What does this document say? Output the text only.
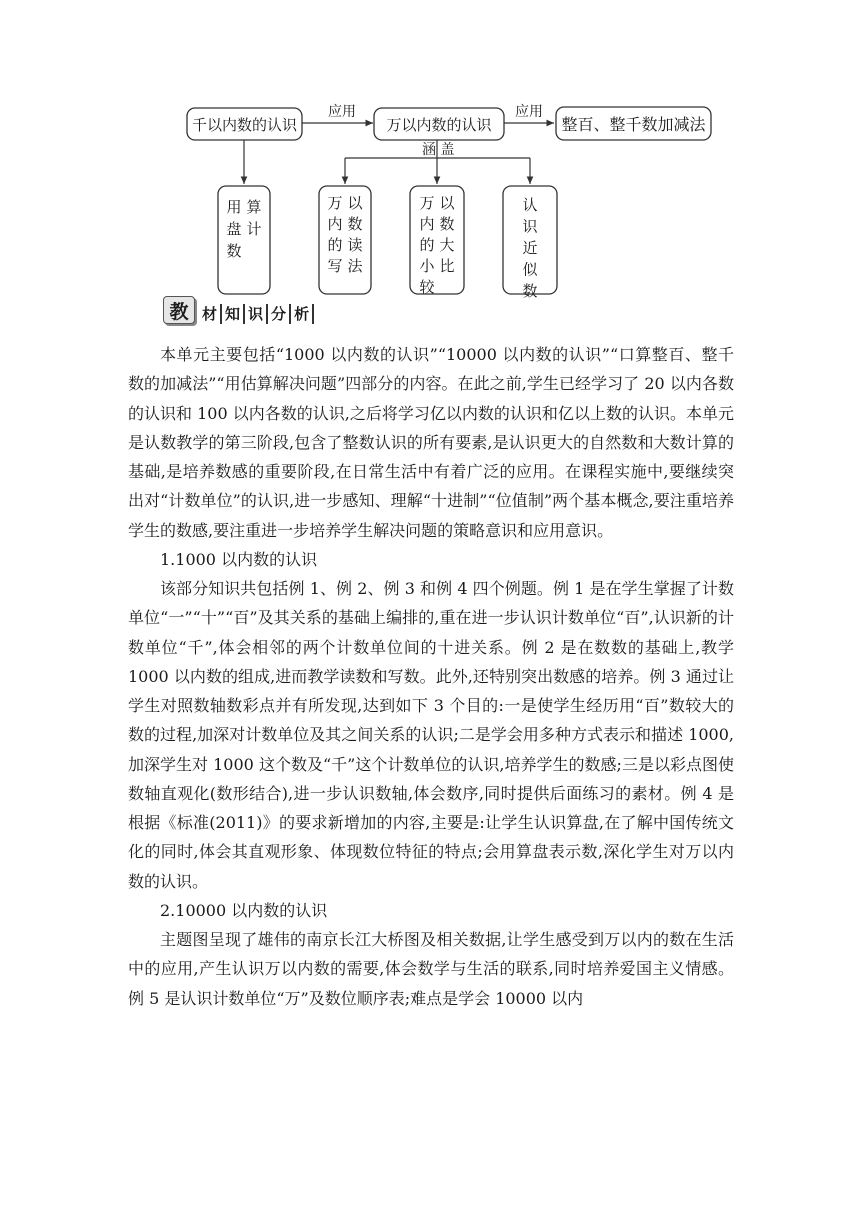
应用	应用
涵 盖
千以内数的认识	万以内数的认识	整百、整千数加减法
用 算盘 计数
万 以内 数的 读写 法
万 以内 数的 大小 比较
认识近似数
教 材 知 识 分 析

本单元主要包括“1000 以内数的认识”“10000 以内数的认识”“口算整百、整千数的加减法”“用估算解决问题”四部分的内容。在此之前,学生已经学习了 20 以内各数的认识和 100 以内各数的认识,之后将学习亿以内数的认识和亿以上数的认识。本单元是认数教学的第三阶段,包含了整数认识的所有要素,是认识更大的自然数和大数计算的基础,是培养数感的重要阶段,在日常生活中有着广泛的应用。在课程实施中,要继续突出对“计数单位”的认识,进一步感知、理解“十进制”“位值制”两个基本概念,要注重培养学生的数感,要注重进一步培养学生解决问题的策略意识和应用意识。

1.1000 以内数的认识

该部分知识共包括例 1、例 2、例 3 和例 4 四个例题。例 1 是在学生掌握了计数单位“一”“十”“百”及其关系的基础上编排的,重在进一步认识计数单位“百”,认识新的计数单位“千”,体会相邻的两个计数单位间的十进关系。例 2 是在数数的基础上,教学 1000 以内数的组成,进而教学读数和写数。此外,还特别突出数感的培养。例 3 通过让学生对照数轴数彩点并有所发现,达到如下 3 个目的:一是使学生经历用“百”数较大的数的过程,加深对计数单位及其之间关系的认识;二是学会用多种方式表示和描述 1000,加深学生对 1000 这个数及“千”这个计数单位的认识,培养学生的数感;三是以彩点图使数轴直观化(数形结合),进一步认识数轴,体会数序,同时提供后面练习的素材。例 4 是根据《标准(2011)》的要求新增加的内容,主要是:让学生认识算盘,在了解中国传统文化的同时,体会其直观形象、体现数位特征的特点;会用算盘表示数,深化学生对万以内数的认识。

2.10000 以内数的认识

主题图呈现了雄伟的南京长江大桥图及相关数据,让学生感受到万以内的数在生活中的应用,产生认识万以内数的需要,体会数学与生活的联系,同时培养爱国主义情感。例 5 是认识计数单位“万”及数位顺序表;难点是学会 10000 以内
